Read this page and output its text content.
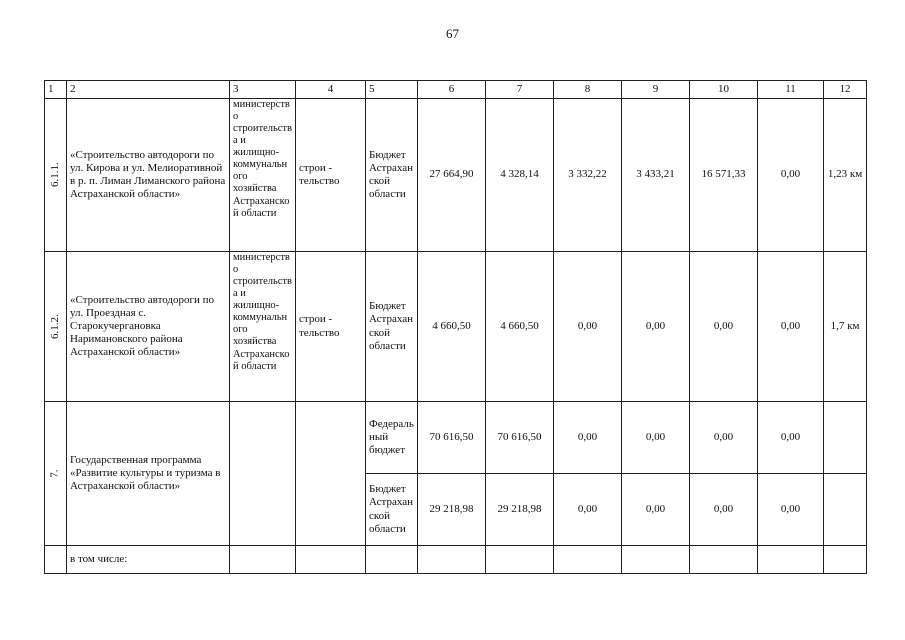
67
1	2	3	4	5	6	7	8	9	10	11	12

6.1.1.	«Строительство автодороги по ул. Кирова и ул. Мелиоративной в р. п. Лиман Лиманского района Астраханской области»	министерство строительства и жилищно-коммунального хозяйства Астраханской области	строи - тельство	Бюджет Астраханской области	27 664,90	4 328,14	3 332,22	3 433,21	16 571,33	0,00	1,23 км

6.1.2.	«Строительство автодороги по ул. Проездная с. Старокучергановка Наримановского района Астраханской области»	министерство строительства и жилищно-коммунального хозяйства Астраханской области	строи - тельство	Бюджет Астраханской области	4 660,50	4 660,50	0,00	0,00	0,00	0,00	1,7 км

7.	Государственная программа «Развитие культуры и туризма в Астраханской области»			Федеральный бюджет	70 616,50	70 616,50	0,00	0,00	0,00	0,00	
				Бюджет Астраханской области	29 218,98	29 218,98	0,00	0,00	0,00	0,00	
	в том числе:										
